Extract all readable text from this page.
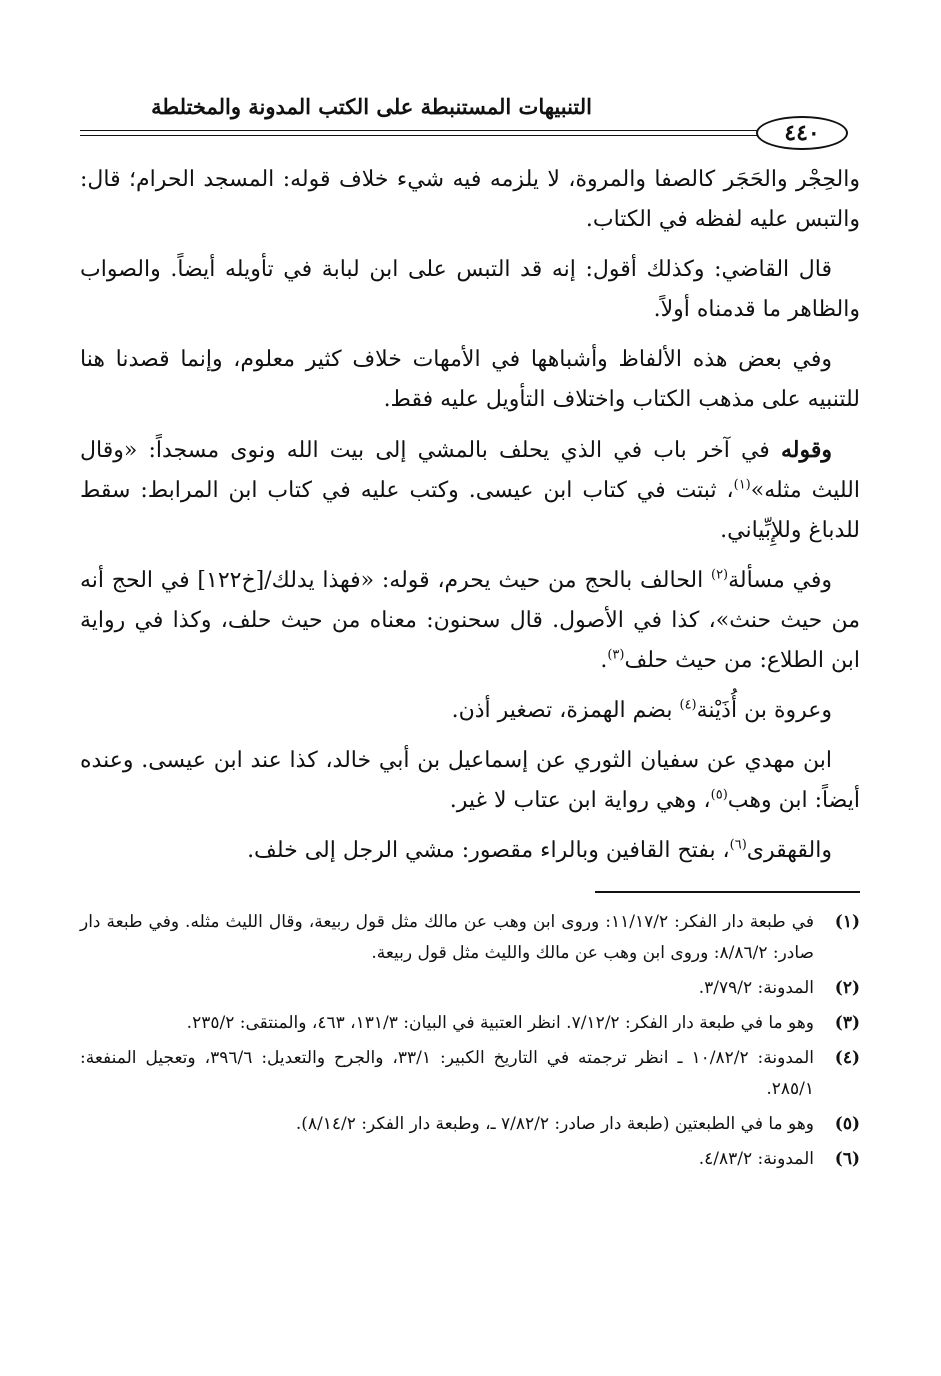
التنبيهات المستنبطة على الكتب المدونة والمختلطة
٤٤٠

والحِجْر والحَجَر كالصفا والمروة، لا يلزمه فيه شيء خلاف قوله: المسجد الحرام؛ قال: والتبس عليه لفظه في الكتاب.

قال القاضي: وكذلك أقول: إنه قد التبس على ابن لبابة في تأويله أيضاً. والصواب والظاهر ما قدمناه أولاً.

وفي بعض هذه الألفاظ وأشباهها في الأمهات خلاف كثير معلوم، وإنما قصدنا هنا للتنبيه على مذهب الكتاب واختلاف التأويل عليه فقط.

وقوله في آخر باب في الذي يحلف بالمشي إلى بيت الله ونوى مسجداً: «وقال الليث مثله»$^{(١)}$، ثبتت في كتاب ابن عيسى. وكتب عليه في كتاب ابن المرابط: سقط للدباغ وللإِبِّياني.

وفي مسألة$^{(٢)}$ الحالف بالحج من حيث يحرم، قوله: «فهذا يدلك/[خ١٢٢] في الحج أنه من حيث حنث»، كذا في الأصول. قال سحنون: معناه من حيث حلف، وكذا في رواية ابن الطلاع: من حيث حلف$^{(٣)}$.

وعروة بن أُذَيْنة$^{(٤)}$ بضم الهمزة، تصغير أذن.

ابن مهدي عن سفيان الثوري عن إسماعيل بن أبي خالد، كذا عند ابن عيسى. وعنده أيضاً: ابن وهب$^{(٥)}$، وهي رواية ابن عتاب لا غير.

والقهقرى$^{(٦)}$، بفتح القافين وبالراء مقصور: مشي الرجل إلى خلف.

(١)
في طبعة دار الفكر: ١١/١٧/٢: وروى ابن وهب عن مالك مثل قول ربيعة، وقال الليث مثله. وفي طبعة دار صادر: ٨/٨٦/٢: وروى ابن وهب عن مالك والليث مثل قول ربيعة.
(٢)
المدونة: ٣/٧٩/٢.
(٣)
وهو ما في طبعة دار الفكر: ٧/١٢/٢. انظر العتبية في البيان: ١٣١/٣، ٤٦٣، والمنتقى: ٢٣٥/٢.
(٤)
المدونة: ١٠/٨٢/٢ ـ انظر ترجمته في التاريخ الكبير: ٣٣/١، والجرح والتعديل: ٣٩٦/٦، وتعجيل المنفعة: ٢٨٥/١.
(٥)
وهو ما في الطبعتين (طبعة دار صادر: ٧/٨٢/٢ ـ، وطبعة دار الفكر: ٨/١٤/٢).
(٦)
المدونة: ٤/٨٣/٢.
